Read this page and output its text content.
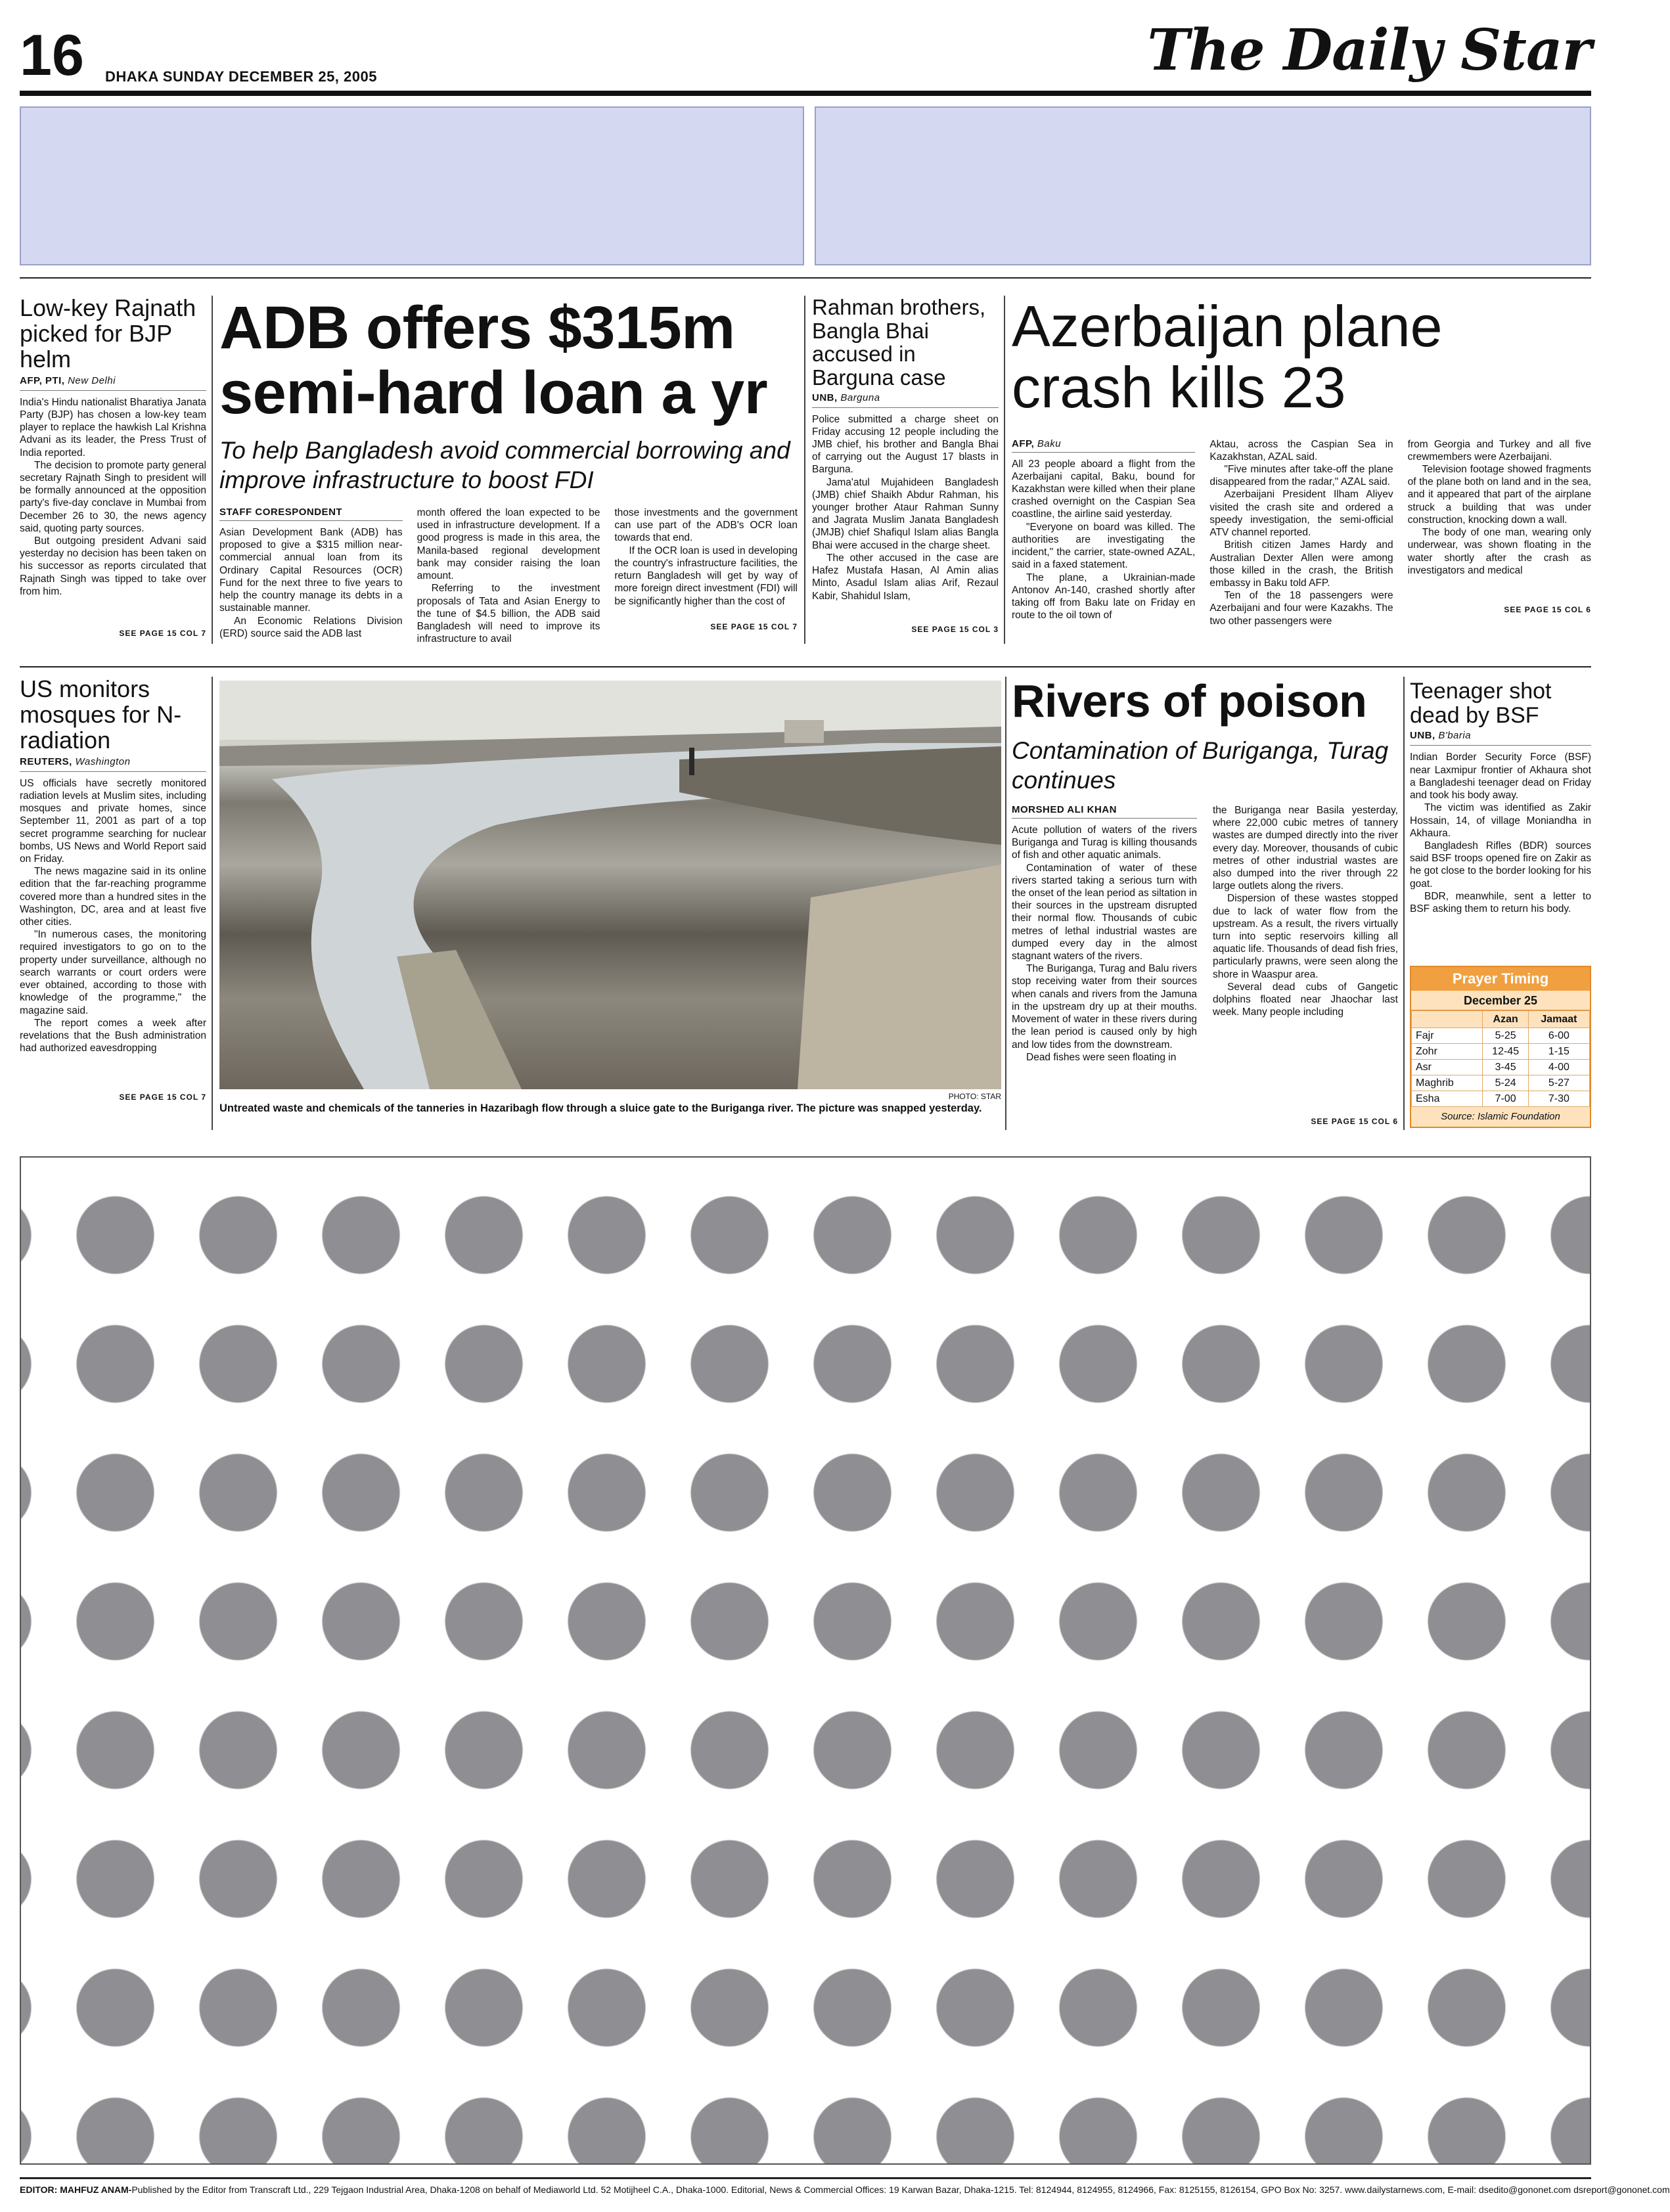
16 DHAKA SUNDAY DECEMBER 25, 2005	The Daily Star
Low-key Rajnath picked for BJP helm
AFP, PTI, New Delhi

India's Hindu nationalist Bharatiya Janata Party (BJP) has chosen a low-key team player to replace the hawkish Lal Krishna Advani as its leader, the Press Trust of India reported.

The decision to promote party general secretary Rajnath Singh to president will be formally announced at the opposition party's five-day conclave in Mumbai from December 26 to 30, the news agency said, quoting party sources.

But outgoing president Advani said yesterday no decision has been taken on his successor as reports circulated that Rajnath Singh was tipped to take over from him.

SEE PAGE 15 COL 7
ADB offers $315m semi-hard loan a yr
To help Bangladesh avoid commercial borrowing and improve infrastructure to boost FDI
STAFF CORESPONDENT

Asian Development Bank (ADB) has proposed to give a $315 million near-commercial annual loan from its Ordinary Capital Resources (OCR) Fund for the next three to five years to help the country manage its debts in a sustainable manner.

An Economic Relations Division (ERD) source said the ADB last

month offered the loan expected to be used in infrastructure development. If a good progress is made in this area, the Manila-based regional development bank may consider raising the loan amount.

Referring to the investment proposals of Tata and Asian Energy to the tune of $4.5 billion, the ADB said Bangladesh will need to improve its infrastructure to avail

those investments and the government can use part of the ADB's OCR loan towards that end.

If the OCR loan is used in developing the country's infrastructure facilities, the return Bangladesh will get by way of more foreign direct investment (FDI) will be significantly higher than the cost of

SEE PAGE 15 COL 7
Rahman brothers, Bangla Bhai accused in Barguna case
UNB, Barguna

Police submitted a charge sheet on Friday accusing 12 people including the JMB chief, his brother and Bangla Bhai of carrying out the August 17 blasts in Barguna.

Jama'atul Mujahideen Bangladesh (JMB) chief Shaikh Abdur Rahman, his younger brother Ataur Rahman Sunny and Jagrata Muslim Janata Bangladesh (JMJB) chief Shafiqul Islam alias Bangla Bhai were accused in the charge sheet.

The other accused in the case are Hafez Mustafa Hasan, Al Amin alias Minto, Asadul Islam alias Arif, Rezaul Kabir, Shahidul Islam,

SEE PAGE 15 COL 3
Azerbaijan plane crash kills 23
AFP, Baku

All 23 people aboard a flight from the Azerbaijani capital, Baku, bound for Kazakhstan were killed when their plane crashed overnight on the Caspian Sea coastline, the airline said yesterday.

"Everyone on board was killed. The authorities are investigating the incident," the carrier, state-owned AZAL, said in a faxed statement.

The plane, a Ukrainian-made Antonov An-140, crashed shortly after taking off from Baku late on Friday en route to the oil town of

Aktau, across the Caspian Sea in Kazakhstan, AZAL said.

"Five minutes after take-off the plane disappeared from the radar," AZAL said.

Azerbaijani President Ilham Aliyev visited the crash site and ordered a speedy investigation, the semi-official ATV channel reported.

British citizen James Hardy and Australian Dexter Allen were among those killed in the crash, the British embassy in Baku told AFP.

Ten of the 18 passengers were Azerbaijani and four were Kazakhs. The two other passengers were

from Georgia and Turkey and all five crewmembers were Azerbaijani.

Television footage showed fragments of the plane both on land and in the sea, and it appeared that part of the airplane struck a building that was under construction, knocking down a wall.

The body of one man, wearing only underwear, was shown floating in the water shortly after the crash as investigators and medical

SEE PAGE 15 COL 6
US monitors mosques for N-radiation
REUTERS, Washington

US officials have secretly monitored radiation levels at Muslim sites, including mosques and private homes, since September 11, 2001 as part of a top secret programme searching for nuclear bombs, US News and World Report said on Friday.

The news magazine said in its online edition that the far-reaching programme covered more than a hundred sites in the Washington, DC, area and at least five other cities.

"In numerous cases, the monitoring required investigators to go on to the property under surveillance, although no search warrants or court orders were ever obtained, according to those with knowledge of the programme," the magazine said.

The report comes a week after revelations that the Bush administration had authorized eavesdropping

SEE PAGE 15 COL 7	PHOTO: STAR
Untreated waste and chemicals of the tanneries in Hazaribagh flow through a sluice gate to the Buriganga river. The picture was snapped yesterday.
Rivers of poison
Contamination of Buriganga, Turag continues
MORSHED ALI KHAN

Acute pollution of waters of the rivers Buriganga and Turag is killing thousands of fish and other aquatic animals.

Contamination of water of these rivers started taking a serious turn with the onset of the lean period as siltation in their sources in the upstream disrupted their normal flow. Thousands of cubic metres of lethal industrial wastes are dumped every day in the almost stagnant waters of the rivers.

The Buriganga, Turag and Balu rivers stop receiving water from their sources when canals and rivers from the Jamuna in the upstream dry up at their mouths. Movement of water in these rivers during the lean period is caused only by high and low tides from the downstream.

Dead fishes were seen floating in

the Buriganga near Basila yesterday, where 22,000 cubic metres of tannery wastes are dumped directly into the river every day. Moreover, thousands of cubic metres of other industrial wastes are also dumped into the river through 22 large outlets along the rivers.

Dispersion of these wastes stopped due to lack of water flow from the upstream. As a result, the rivers virtually turn into septic reservoirs killing all aquatic life. Thousands of dead fish fries, particularly prawns, were seen along the shore in Waaspur area.

Several dead cubs of Gangetic dolphins floated near Jhaochar last week. Many people including

SEE PAGE 15 COL 6
Teenager shot dead by BSF
UNB, B'baria

Indian Border Security Force (BSF) near Laxmipur frontier of Akhaura shot a Bangladeshi teenager dead on Friday and took his body away.

The victim was identified as Zakir Hossain, 14, of village Moniandha in Akhaura.

Bangladesh Rifles (BDR) sources said BSF troops opened fire on Zakir as he got close to the border looking for his goat.

BDR, meanwhile, sent a letter to BSF asking them to return his body.

Prayer Timing
December 25
	Azan	Jamaat
Fajr	5-25	6-00
Zohr	12-45	1-15
Asr	3-45	4-00
Maghrib	5-24	5-27
Esha	7-00	7-30
Source: Islamic Foundation
EDITOR: MAHFUZ ANAM-Published by the Editor from Transcraft Ltd., 229 Tejgaon Industrial Area, Dhaka-1208 on behalf of Mediaworld Ltd. 52 Motijheel C.A., Dhaka-1000. Editorial, News & Commercial Offices: 19 Karwan Bazar, Dhaka-1215. Tel: 8124944, 8124955, 8124966, Fax: 8125155, 8126154, GPO Box No: 3257. www.dailystarnews.com, E-mail: dsedito@gononet.com dsreport@gononet.com
